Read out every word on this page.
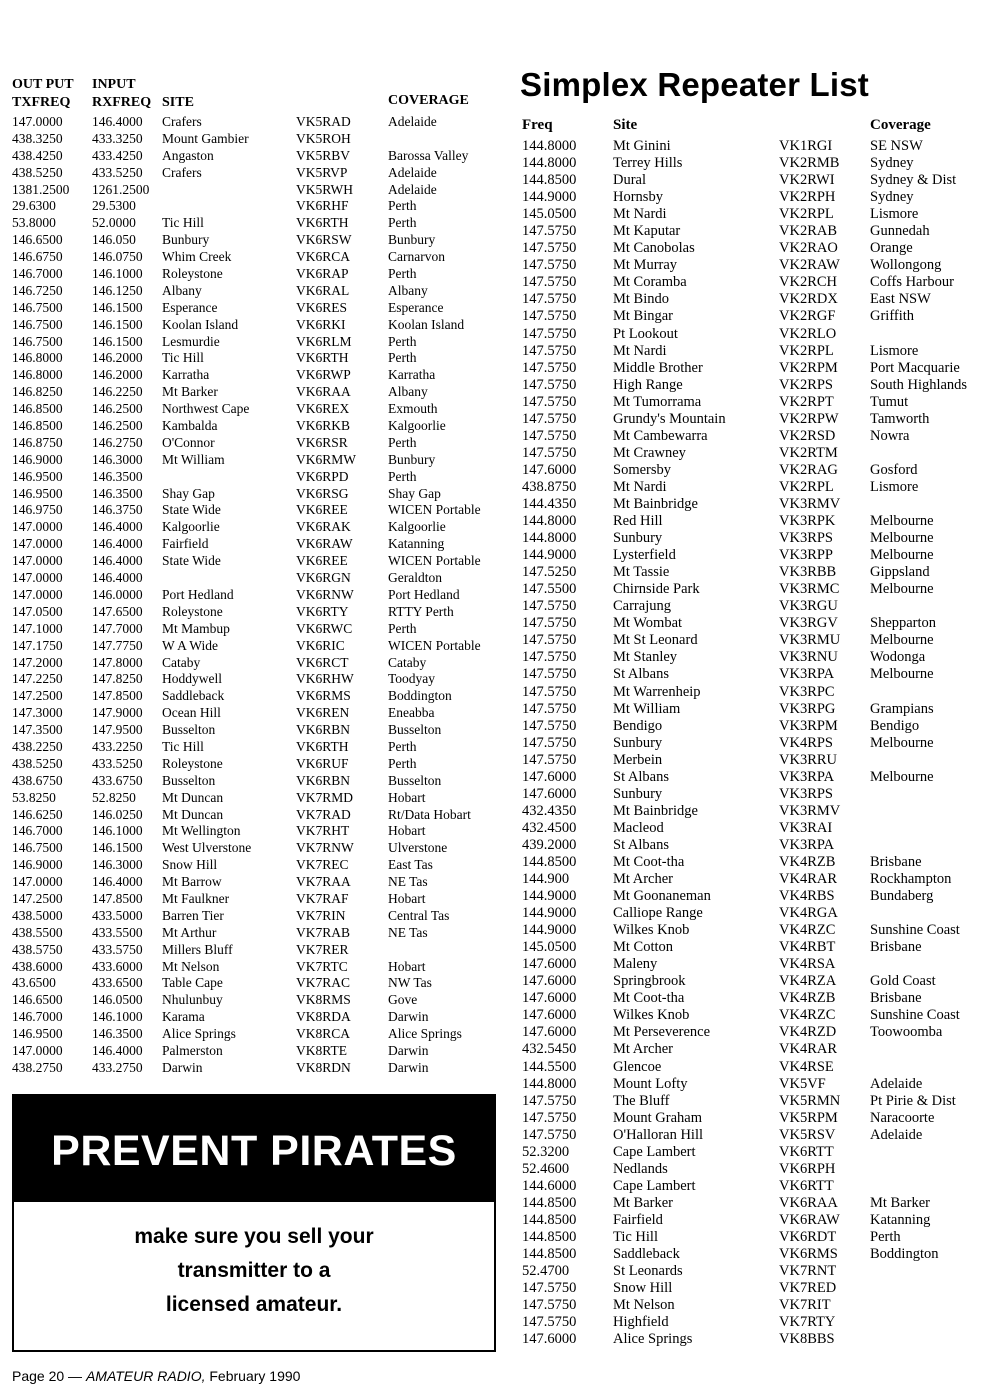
OUT PUT
TXFREQ
INPUT
RXFREQ SITE	COVERAGE
147.0000 146.4000 Crafers	VK5RAD	Adelaide
438.3250 433.3250 Mount Gambier	VK5ROH
438.4250 433.4250 Angaston	VK5RBV	Barossa Valley
438.5250 433.5250 Crafers	VK5RVP	Adelaide
1381.2500 1261.2500	VK5RWH	Adelaide
29.6300	29.5300	VK6RHF	Perth
53.8000	52.0000 Tic Hill	VK6RTH	Perth
146.6500 146.050 Bunbury	VK6RSW	Bunbury
146.6750 146.0750 Whim Creek	VK6RCA	Carnarvon
146.7000 146.1000 Roleystone	VK6RAP	Perth
146.7250 146.1250 Albany	VK6RAL	Albany
146.7500 146.1500 Esperance	VK6RES	Esperance
146.7500 146.1500 Koolan Island	VK6RKI	Koolan Island
146.7500 146.1500 Lesmurdie	VK6RLM	Perth
146.8000 146.2000 Tic Hill	VK6RTH	Perth
146.8000 146.2000 Karratha	VK6RWP	Karratha
146.8250 146.2250 Mt Barker	VK6RAA	Albany
146.8500 146.2500 Northwest Cape	VK6REX	Exmouth
146.8500 146.2500 Kambalda	VK6RKB	Kalgoorlie
146.8750 146.2750 O'Connor	VK6RSR	Perth
146.9000 146.3000 Mt William	VK6RMW Bunbury
146.9500 146.3500	VK6RPD	Perth
146.9500 146.3500 Shay Gap	VK6RSG	Shay Gap
146.9750 146.3750 State Wide	VK6REE	WICEN Portable
147.0000 146.4000 Kalgoorlie	VK6RAK	Kalgoorlie
147.0000 146.4000 Fairfield	VK6RAW	Katanning
147.0000 146.4000 State Wide	VK6REE	WICEN Portable
147.0000 146.4000	VK6RGN	Geraldton
147.0000 146.0000 Port Hedland	VK6RNW	Port Hedland
147.0500 147.6500 Roleystone	VK6RTY	RTTY Perth
147.1000 147.7000 Mt Mambup	VK6RWC	Perth
147.1750 147.7750 W A Wide	VK6RIC	WICEN Portable
147.2000 147.8000 Cataby	VK6RCT	Cataby
147.2250 147.8250 Hoddywell	VK6RHW	Toodyay
147.2500 147.8500 Saddleback	VK6RMS	Boddington
147.3000 147.9000 Ocean Hill	VK6REN	Eneabba
147.3500 147.9500 Busselton	VK6RBN	Busselton
438.2250 433.2250 Tic Hill	VK6RTH	Perth
438.5250 433.5250 Roleystone	VK6RUF	Perth
438.6750 433.6750 Busselton	VK6RBN	Busselton
53.8250	52.8250 Mt Duncan	VK7RMD	Hobart
146.6250 146.0250 Mt Duncan	VK7RAD	Rt/Data Hobart
146.7000 146.1000 Mt Wellington	VK7RHT	Hobart
146.7500 146.1500 West Ulverstone	VK7RNW	Ulverstone
146.9000 146.3000 Snow Hill	VK7REC	East Tas
147.0000 146.4000 Mt Barrow	VK7RAA	NE Tas
147.2500 147.8500 Mt Faulkner	VK7RAF	Hobart
438.5000 433.5000 Barren Tier	VK7RIN	Central Tas
438.5500 433.5500 Mt Arthur	VK7RAB	NE Tas
438.5750 433.5750 Millers Bluff	VK7RER
438.6000 433.6000 Mt Nelson	VK7RTC	Hobart
43.6500	433.6500 Table Cape	VK7RAC	NW Tas
146.6500 146.0500 Nhulunbuy	VK8RMS	Gove
146.7000 146.1000 Karama	VK8RDA	Darwin
146.9500 146.3500 Alice Springs	VK8RCA	Alice Springs
147.0000 146.4000 Palmerston	VK8RTE	Darwin
438.2750 433.2750 Darwin	VK8RDN	Darwin
Simplex Repeater List
Freq	Site	Coverage
144.8000	Mt Ginini	VK1RGI	SE NSW
144.8000	Terrey Hills	VK2RMB Sydney
144.8500	Dural	VK2RWI Sydney & Dist
144.9000	Hornsby	VK2RPH Sydney
145.0500	Mt Nardi	VK2RPL Lismore
147.5750	Mt Kaputar	VK2RAB Gunnedah
147.5750	Mt Canobolas	VK2RAO Orange
147.5750	Mt Murray	VK2RAW Wollongong
147.5750	Mt Coramba	VK2RCH Coffs Harbour
147.5750	Mt Bindo	VK2RDX East NSW
147.5750	Mt Bingar	VK2RGF Griffith
147.5750	Pt Lookout	VK2RLO
147.5750	Mt Nardi	VK2RPL Lismore
147.5750	Middle Brother	VK2RPM Port Macquarie
147.5750	High Range	VK2RPS	South Highlands
147.5750	Mt Tumorrama	VK2RPT Tumut
147.5750	Grundy's Mountain	VK2RPW Tamworth
147.5750	Mt Cambewarra	VK2RSD Nowra
147.5750	Mt Crawney	VK2RTM
147.6000	Somersby	VK2RAG Gosford
438.8750	Mt Nardi	VK2RPL Lismore
144.4350	Mt Bainbridge	VK3RMV
144.8000	Red Hill	VK3RPK Melbourne
144.8000	Sunbury	VK3RPS	Melbourne
144.9000	Lysterfield	VK3RPP	Melbourne
147.5250	Mt Tassie	VK3RBB Gippsland
147.5500	Chirnside Park	VK3RMC Melbourne
147.5750	Carrajung	VK3RGU
147.5750	Mt Wombat	VK3RGV Shepparton
147.5750	Mt St Leonard	VK3RMU Melbourne
147.5750	Mt Stanley	VK3RNU Wodonga
147.5750	St Albans	VK3RPA Melbourne
147.5750	Mt Warrenheip	VK3RPC
147.5750	Mt William	VK3RPG Grampians
147.5750	Bendigo	VK3RPM Bendigo
147.5750	Sunbury	VK4RPS	Melbourne
147.5750	Merbein	VK3RRU
147.6000	St Albans	VK3RPA Melbourne
147.6000	Sunbury	VK3RPS
432.4350	Mt Bainbridge	VK3RMV
432.4500	Macleod	VK3RAI
439.2000	St Albans	VK3RPA
144.8500	Mt Coot-tha	VK4RZB Brisbane
144.900	Mt Archer	VK4RAR Rockhampton
144.9000	Mt Goonaneman	VK4RBS Bundaberg
144.9000	Calliope Range	VK4RGA
144.9000	Wilkes Knob	VK4RZC Sunshine Coast
145.0500	Mt Cotton	VK4RBT Brisbane
147.6000	Maleny	VK4RSA
147.6000	Springbrook	VK4RZA Gold Coast
147.6000	Mt Coot-tha	VK4RZB Brisbane
147.6000	Wilkes Knob	VK4RZC Sunshine Coast
147.6000	Mt Perseverence	VK4RZD Toowoomba
432.5450	Mt Archer	VK4RAR
144.5500	Glencoe	VK4RSE
144.8000	Mount Lofty	VK5VF	Adelaide
147.5750	The Bluff	VK5RMN Pt Pirie & Dist
147.5750	Mount Graham	VK5RPM Naracoorte
147.5750	O'Halloran Hill	VK5RSV Adelaide
52.3200	Cape Lambert	VK6RTT
52.4600	Nedlands	VK6RPH
144.6000	Cape Lambert	VK6RTT
144.8500	Mt Barker	VK6RAA Mt Barker
144.8500	Fairfield	VK6RAW Katanning
144.8500	Tic Hill	VK6RDT Perth
144.8500	Saddleback	VK6RMS Boddington
52.4700	St Leonards	VK7RNT
147.5750	Snow Hill	VK7RED
147.5750	Mt Nelson	VK7RIT
147.5750	Highfield	VK7RTY
147.6000	Alice Springs	VK8BBS
PREVENT PIRATES
make sure you sell your
transmitter to a
licensed amateur.
Page 20 — AMATEUR RADIO, February 1990
